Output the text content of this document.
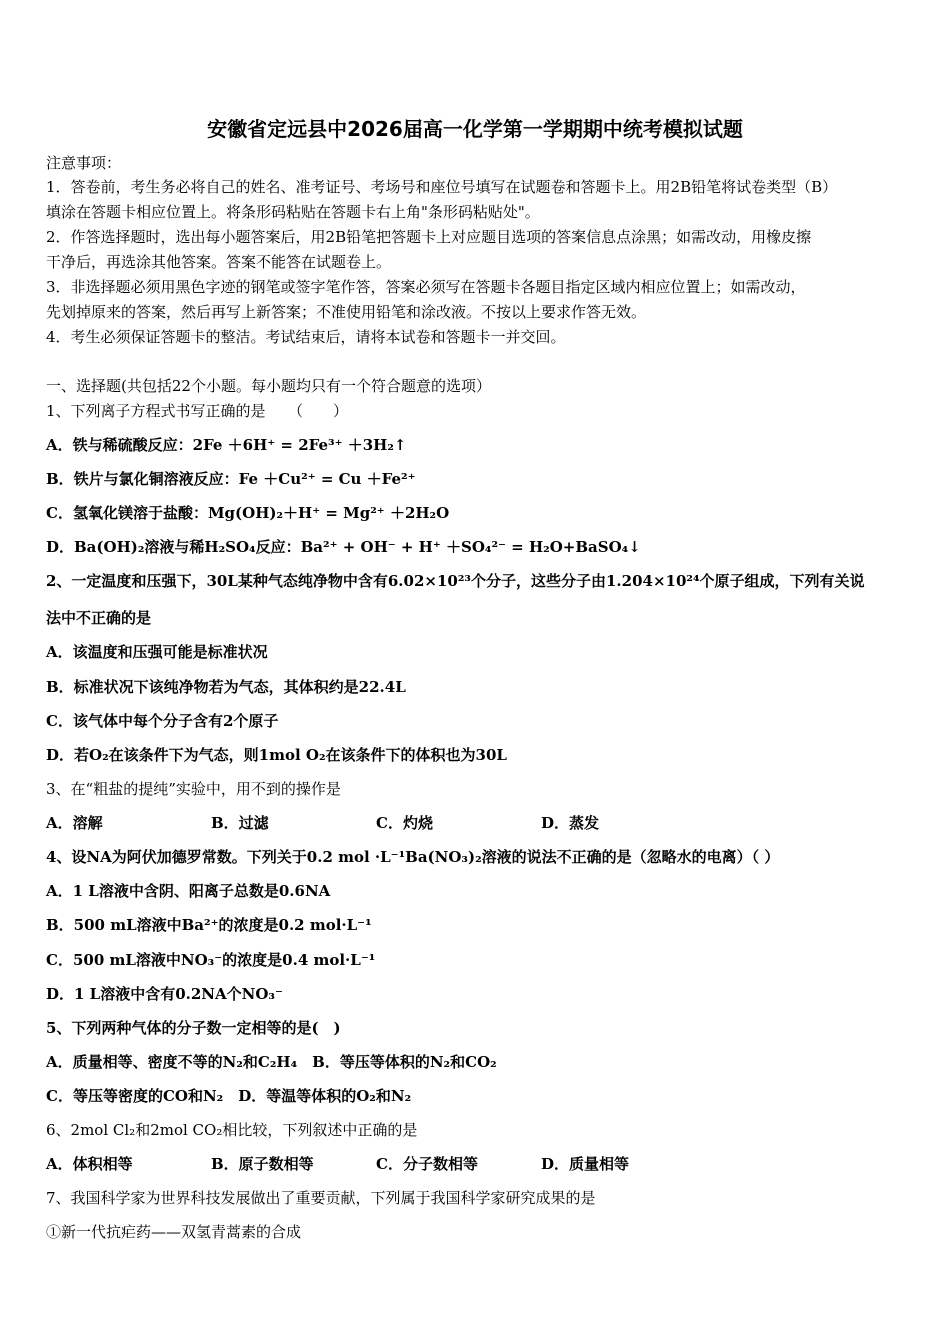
安徽省定远县中2026届高一化学第一学期期中统考模拟试题
注意事项：
1．答卷前，考生务必将自己的姓名、准考证号、考场号和座位号填写在试题卷和答题卡上。用2B铅笔将试卷类型（B）
填涂在答题卡相应位置上。将条形码粘贴在答题卡右上角"条形码粘贴处"。
2．作答选择题时，选出每小题答案后，用2B铅笔把答题卡上对应题目选项的答案信息点涂黑；如需改动，用橡皮擦
干净后，再选涂其他答案。答案不能答在试题卷上。
3．非选择题必须用黑色字迹的钢笔或签字笔作答，答案必须写在答题卡各题目指定区域内相应位置上；如需改动，
先划掉原来的答案，然后再写上新答案；不准使用铅笔和涂改液。不按以上要求作答无效。
4．考生必须保证答题卡的整洁。考试结束后，请将本试卷和答题卡一并交回。
一、选择题(共包括22个小题。每小题均只有一个符合题意的选项）
1、下列离子方程式书写正确的是　　（　　）
A．铁与稀硫酸反应：2Fe ＋6H⁺ = 2Fe³⁺ ＋3H₂↑
B．铁片与氯化铜溶液反应：Fe ＋Cu²⁺ = Cu ＋Fe²⁺
C．氢氧化镁溶于盐酸：Mg(OH)₂＋H⁺ = Mg²⁺ ＋2H₂O
D．Ba(OH)₂溶液与稀H₂SO₄反应：Ba²⁺ + OH⁻ + H⁺ ＋SO₄²⁻ = H₂O+BaSO₄↓
2、一定温度和压强下，30L某种气态纯净物中含有6.02×10²³个分子，这些分子由1.204×10²⁴个原子组成，下列有关说
法中不正确的是
A．该温度和压强可能是标准状况
B．标准状况下该纯净物若为气态，其体积约是22.4L
C．该气体中每个分子含有2个原子
D．若O₂在该条件下为气态，则1mol O₂在该条件下的体积也为30L
3、在“粗盐的提纯”实验中，用不到的操作是
A．溶解	B．过滤	C．灼烧	D．蒸发
4、设NA为阿伏加德罗常数。下列关于0.2 mol ·L⁻¹Ba(NO₃)₂溶液的说法不正确的是（忽略水的电离）（ ）
A．1 L溶液中含阴、阳离子总数是0.6NA
B．500 mL溶液中Ba²⁺的浓度是0.2 mol·L⁻¹
C．500 mL溶液中NO₃⁻的浓度是0.4 mol·L⁻¹
D．1 L溶液中含有0.2NA个NO₃⁻
5、下列两种气体的分子数一定相等的是(　)
A．质量相等、密度不等的N₂和C₂H₄　B．等压等体积的N₂和CO₂
C．等压等密度的CO和N₂　D．等温等体积的O₂和N₂
6、2mol Cl₂和2mol CO₂相比较，下列叙述中正确的是
A．体积相等	B．原子数相等	C．分子数相等	D．质量相等
7、我国科学家为世界科技发展做出了重要贡献，下列属于我国科学家研究成果的是
①新一代抗疟药——双氢青蒿素的合成
